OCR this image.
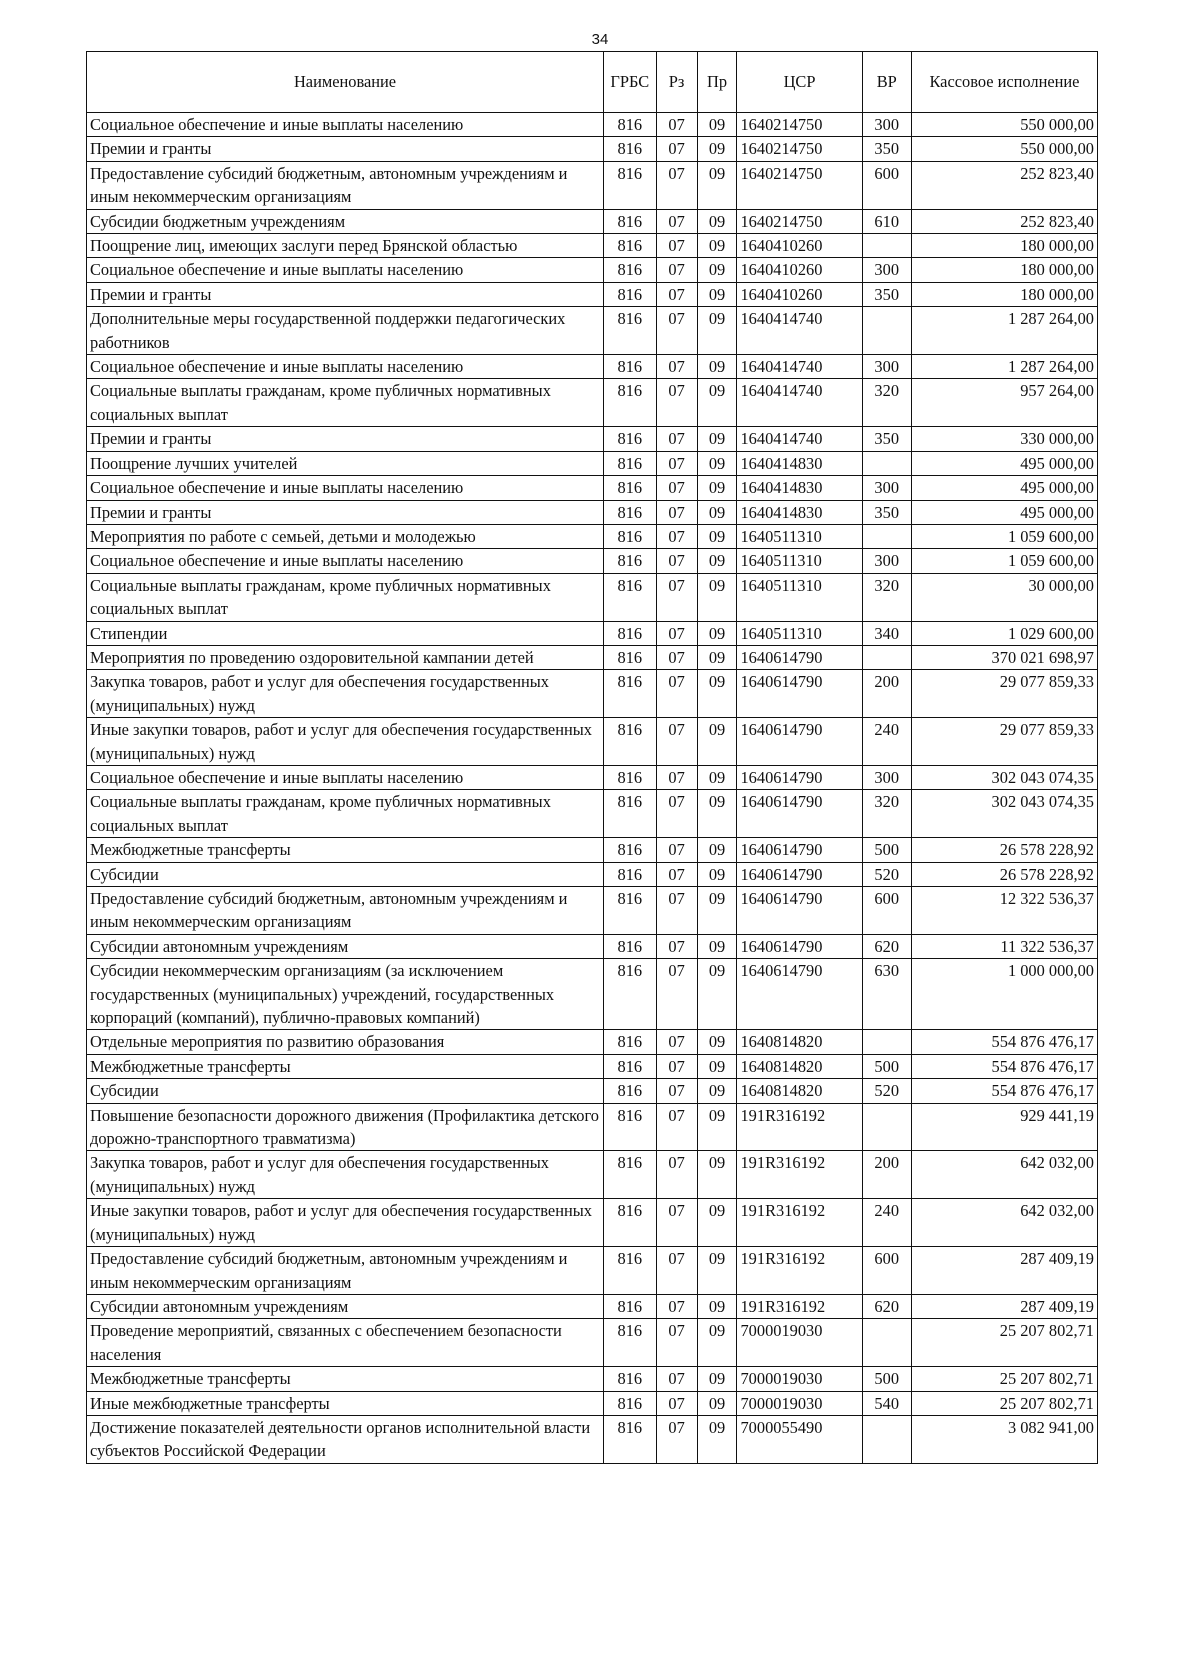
34
Наименование	ГРБС	Рз	Пр	ЦСР	ВР	Кассовое исполнение
Социальное обеспечение и иные выплаты населению	816	07	09	1640214750	300	550 000,00
Премии и гранты	816	07	09	1640214750	350	550 000,00
Предоставление субсидий бюджетным, автономным учреждениям и иным некоммерческим организациям	816	07	09	1640214750	600	252 823,40
Субсидии бюджетным учреждениям	816	07	09	1640214750	610	252 823,40
Поощрение лиц, имеющих заслуги перед Брянской областью	816	07	09	1640410260		180 000,00
Социальное обеспечение и иные выплаты населению	816	07	09	1640410260	300	180 000,00
Премии и гранты	816	07	09	1640410260	350	180 000,00
Дополнительные меры государственной поддержки педагогических работников	816	07	09	1640414740		1 287 264,00
Социальное обеспечение и иные выплаты населению	816	07	09	1640414740	300	1 287 264,00
Социальные выплаты гражданам, кроме публичных нормативных социальных выплат	816	07	09	1640414740	320	957 264,00
Премии и гранты	816	07	09	1640414740	350	330 000,00
Поощрение лучших учителей	816	07	09	1640414830		495 000,00
Социальное обеспечение и иные выплаты населению	816	07	09	1640414830	300	495 000,00
Премии и гранты	816	07	09	1640414830	350	495 000,00
Мероприятия по работе с семьей, детьми и молодежью	816	07	09	1640511310		1 059 600,00
Социальное обеспечение и иные выплаты населению	816	07	09	1640511310	300	1 059 600,00
Социальные выплаты гражданам, кроме публичных нормативных социальных выплат	816	07	09	1640511310	320	30 000,00
Стипендии	816	07	09	1640511310	340	1 029 600,00
Мероприятия по проведению оздоровительной кампании детей	816	07	09	1640614790		370 021 698,97
Закупка товаров, работ и услуг для обеспечения государственных (муниципальных) нужд	816	07	09	1640614790	200	29 077 859,33
Иные закупки товаров, работ и услуг для обеспечения государственных (муниципальных) нужд	816	07	09	1640614790	240	29 077 859,33
Социальное обеспечение и иные выплаты населению	816	07	09	1640614790	300	302 043 074,35
Социальные выплаты гражданам, кроме публичных нормативных социальных выплат	816	07	09	1640614790	320	302 043 074,35
Межбюджетные трансферты	816	07	09	1640614790	500	26 578 228,92
Субсидии	816	07	09	1640614790	520	26 578 228,92
Предоставление субсидий бюджетным, автономным учреждениям и иным некоммерческим организациям	816	07	09	1640614790	600	12 322 536,37
Субсидии автономным учреждениям	816	07	09	1640614790	620	11 322 536,37
Субсидии некоммерческим организациям (за исключением государственных (муниципальных) учреждений, государственных корпораций (компаний), публично-правовых компаний)	816	07	09	1640614790	630	1 000 000,00
Отдельные мероприятия по развитию образования	816	07	09	1640814820		554 876 476,17
Межбюджетные трансферты	816	07	09	1640814820	500	554 876 476,17
Субсидии	816	07	09	1640814820	520	554 876 476,17
Повышение безопасности дорожного движения (Профилактика детского дорожно-транспортного травматизма)	816	07	09	191R316192		929 441,19
Закупка товаров, работ и услуг для обеспечения государственных (муниципальных) нужд	816	07	09	191R316192	200	642 032,00
Иные закупки товаров, работ и услуг для обеспечения государственных (муниципальных) нужд	816	07	09	191R316192	240	642 032,00
Предоставление субсидий бюджетным, автономным учреждениям и иным некоммерческим организациям	816	07	09	191R316192	600	287 409,19
Субсидии автономным учреждениям	816	07	09	191R316192	620	287 409,19
Проведение мероприятий, связанных с обеспечением безопасности населения	816	07	09	7000019030		25 207 802,71
Межбюджетные трансферты	816	07	09	7000019030	500	25 207 802,71
Иные межбюджетные трансферты	816	07	09	7000019030	540	25 207 802,71
Достижение показателей деятельности органов исполнительной власти субъектов Российской Федерации	816	07	09	7000055490		3 082 941,00
